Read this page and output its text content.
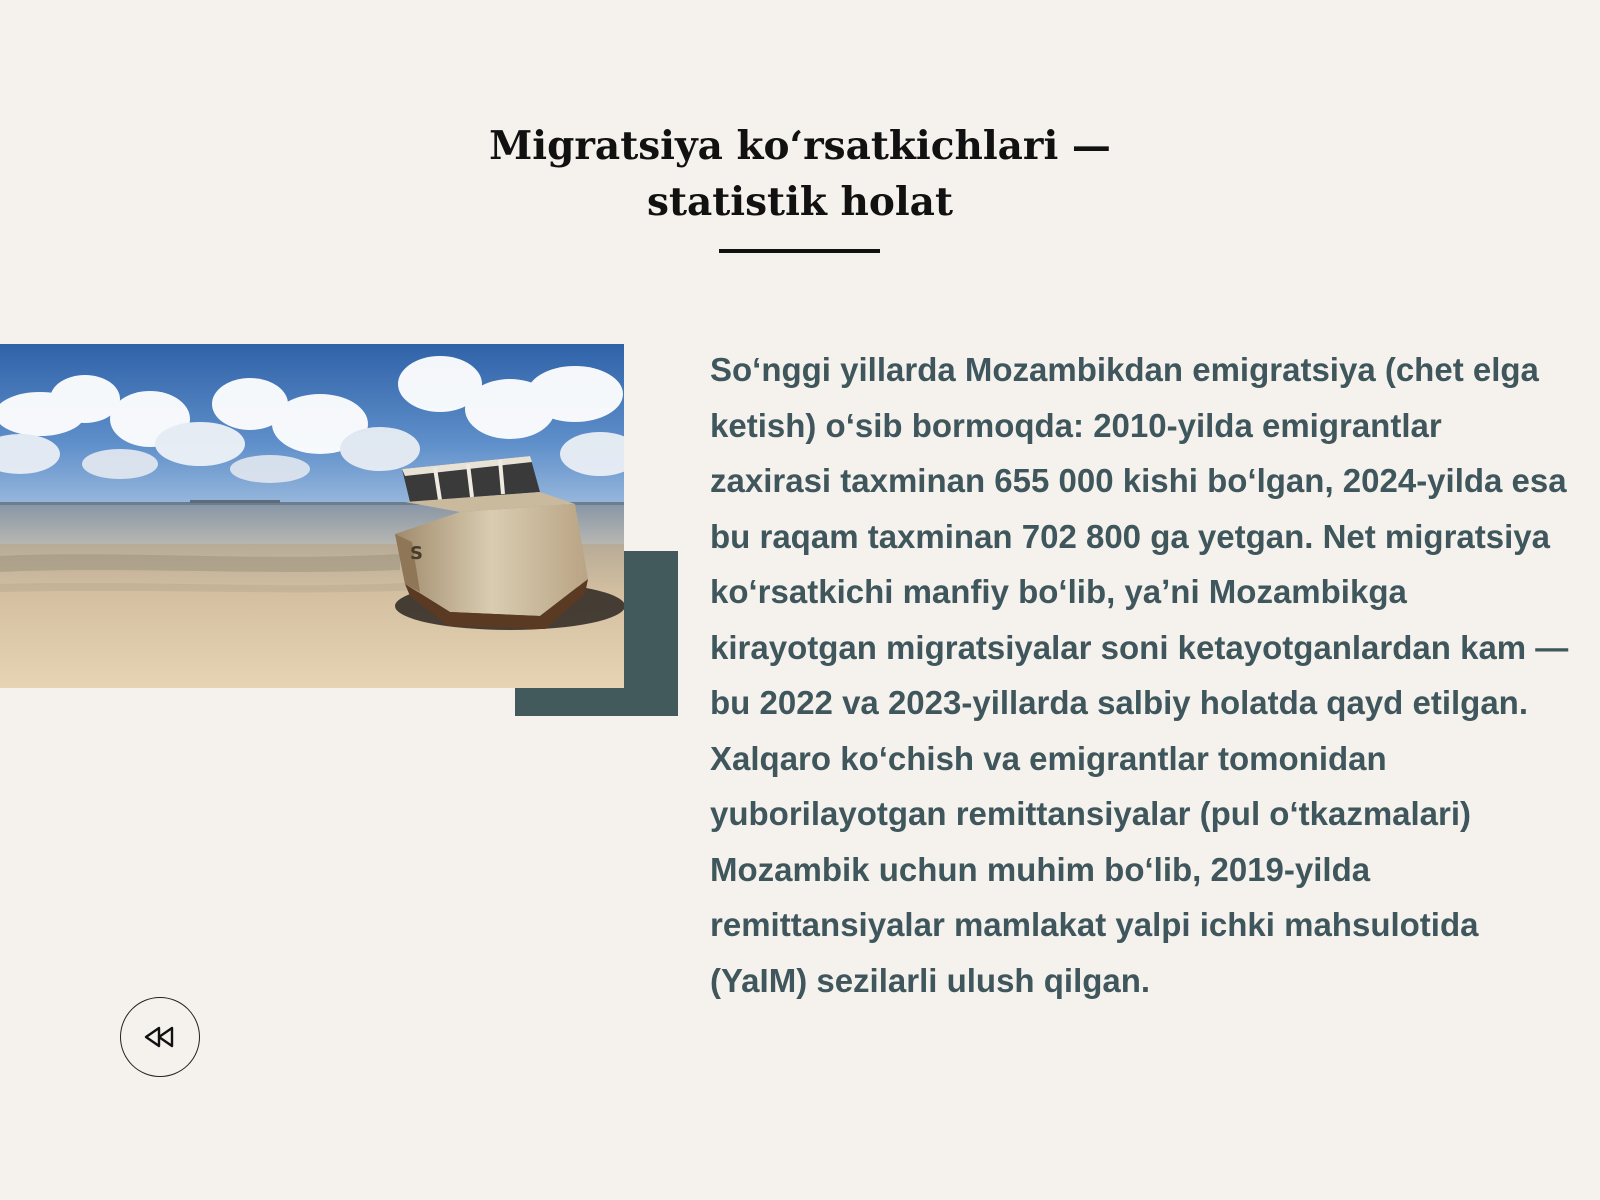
Migratsiya koʻrsatkichlari —
statistik holat
S

Soʻnggi yillarda Mozambikdan emigratsiya (chet elga ketish) oʻsib bormoqda: 2010-yilda emigrantlar zaxirasi taxminan 655 000 kishi boʻlgan, 2024-yilda esa bu raqam taxminan 702 800 ga yetgan. Net migratsiya koʻrsatkichi manfiy boʻlib, yaʼni Mozambikga kirayotgan migratsiyalar soni ketayotganlardan kam — bu 2022 va 2023-yillarda salbiy holatda qayd etilgan. Xalqaro koʻchish va emigrantlar tomonidan yuborilayotgan remittansiyalar (pul oʻtkazmalari) Mozambik uchun muhim boʻlib, 2019-yilda remittansiyalar mamlakat yalpi ichki mahsulotida (YaIM) sezilarli ulush qilgan.
